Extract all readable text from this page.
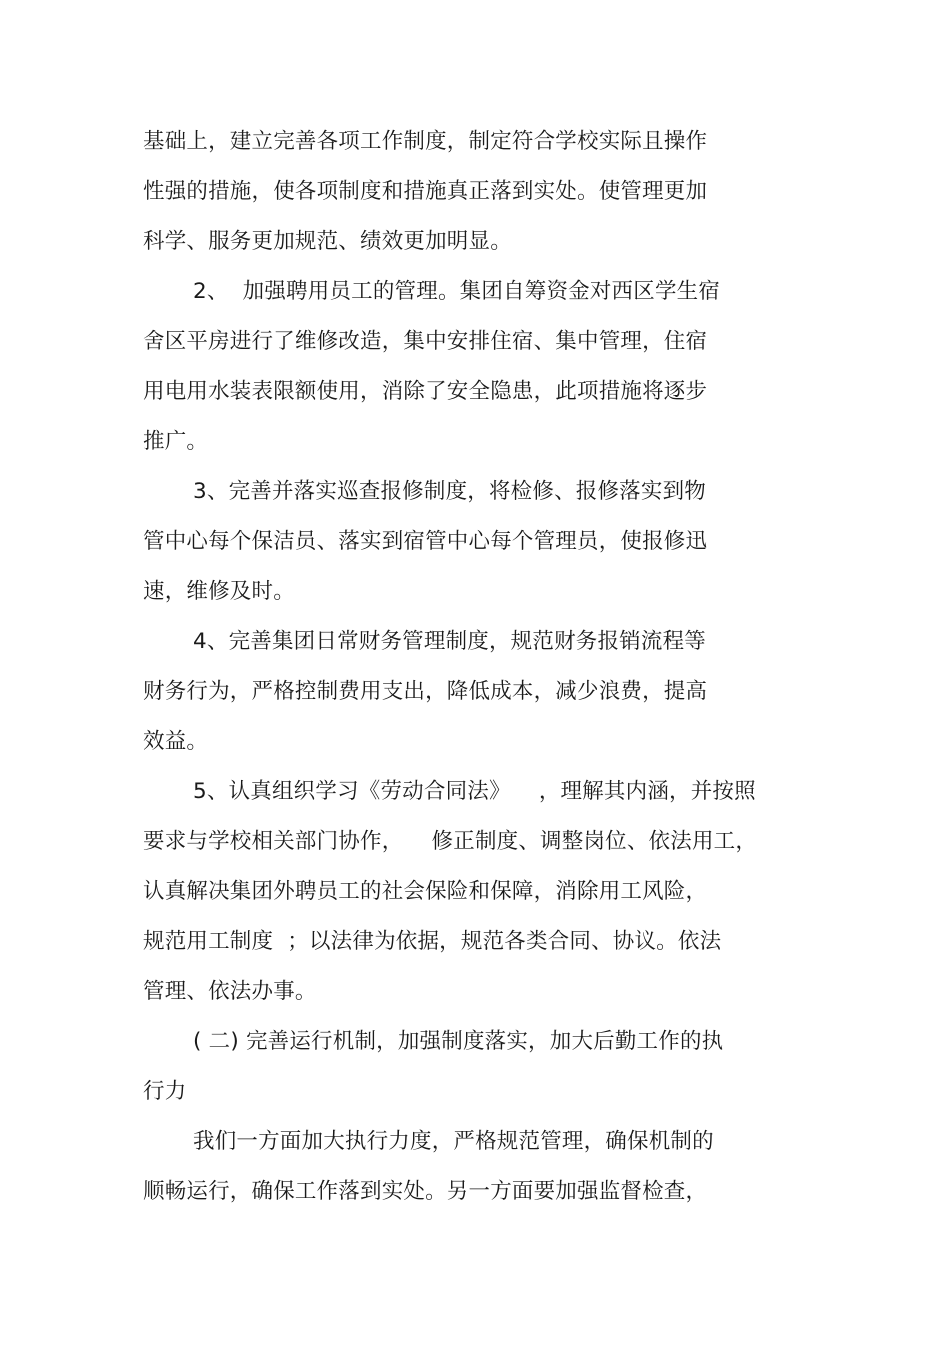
基础上，建立完善各项工作制度，制定符合学校实际且操作
性强的措施，使各项制度和措施真正落到实处。使管理更加
科学、服务更加规范、绩效更加明显。
2、  加强聘用员工的管理。集团自筹资金对西区学生宿
舍区平房进行了维修改造，集中安排住宿、集中管理，住宿
用电用水装表限额使用，消除了安全隐患，此项措施将逐步
推广。
3、完善并落实巡查报修制度，将检修、报修落实到物
管中心每个保洁员、落实到宿管中心每个管理员，使报修迅
速，维修及时。
4、完善集团日常财务管理制度，规范财务报销流程等
财务行为，严格控制费用支出，降低成本，减少浪费，提高
效益。
5、认真组织学习《劳动合同法》    ，理解其内涵，并按照
要求与学校相关部门协作，    修正制度、调整岗位、依法用工，
认真解决集团外聘员工的社会保险和保障，消除用工风险，
规范用工制度  ；以法律为依据，规范各类合同、协议。依法
管理、依法办事。
( 二) 完善运行机制，加强制度落实，加大后勤工作的执
行力
我们一方面加大执行力度，严格规范管理，确保机制的
顺畅运行，确保工作落到实处。另一方面要加强监督检查，
